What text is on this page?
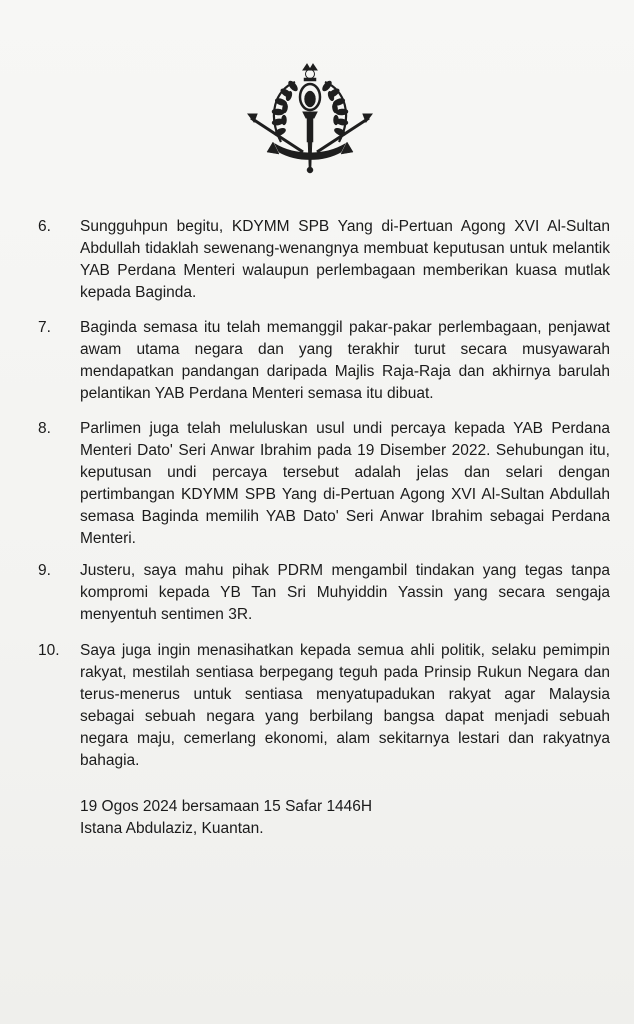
6.	Sungguhpun begitu, KDYMM SPB Yang di-Pertuan Agong XVI Al-Sultan Abdullah tidaklah sewenang-wenangnya membuat keputusan untuk melantik YAB Perdana Menteri walaupun perlembagaan memberikan kuasa mutlak kepada Baginda.
7.	Baginda semasa itu telah memanggil pakar-pakar perlembagaan, penjawat awam utama negara dan yang terakhir turut secara musyawarah mendapatkan pandangan daripada Majlis Raja-Raja dan akhirnya barulah pelantikan YAB Perdana Menteri semasa itu dibuat.
8.	Parlimen juga telah meluluskan usul undi percaya kepada YAB Perdana Menteri Dato' Seri Anwar Ibrahim pada 19 Disember 2022. Sehubungan itu, keputusan undi percaya tersebut adalah jelas dan selari dengan pertimbangan KDYMM SPB Yang di-Pertuan Agong XVI Al-Sultan Abdullah semasa Baginda memilih YAB Dato' Seri Anwar Ibrahim sebagai Perdana Menteri.
9.	Justeru, saya mahu pihak PDRM mengambil tindakan yang tegas tanpa kompromi kepada YB Tan Sri Muhyiddin Yassin yang secara sengaja menyentuh sentimen 3R.
10.	Saya juga ingin menasihatkan kepada semua ahli politik, selaku pemimpin rakyat, mestilah sentiasa berpegang teguh pada Prinsip Rukun Negara dan terus-menerus untuk sentiasa menyatupadukan rakyat agar Malaysia sebagai sebuah negara yang berbilang bangsa dapat menjadi sebuah negara maju, cemerlang ekonomi, alam sekitarnya lestari dan rakyatnya bahagia.
19 Ogos 2024 bersamaan 15 Safar 1446H
Istana Abdulaziz, Kuantan.
